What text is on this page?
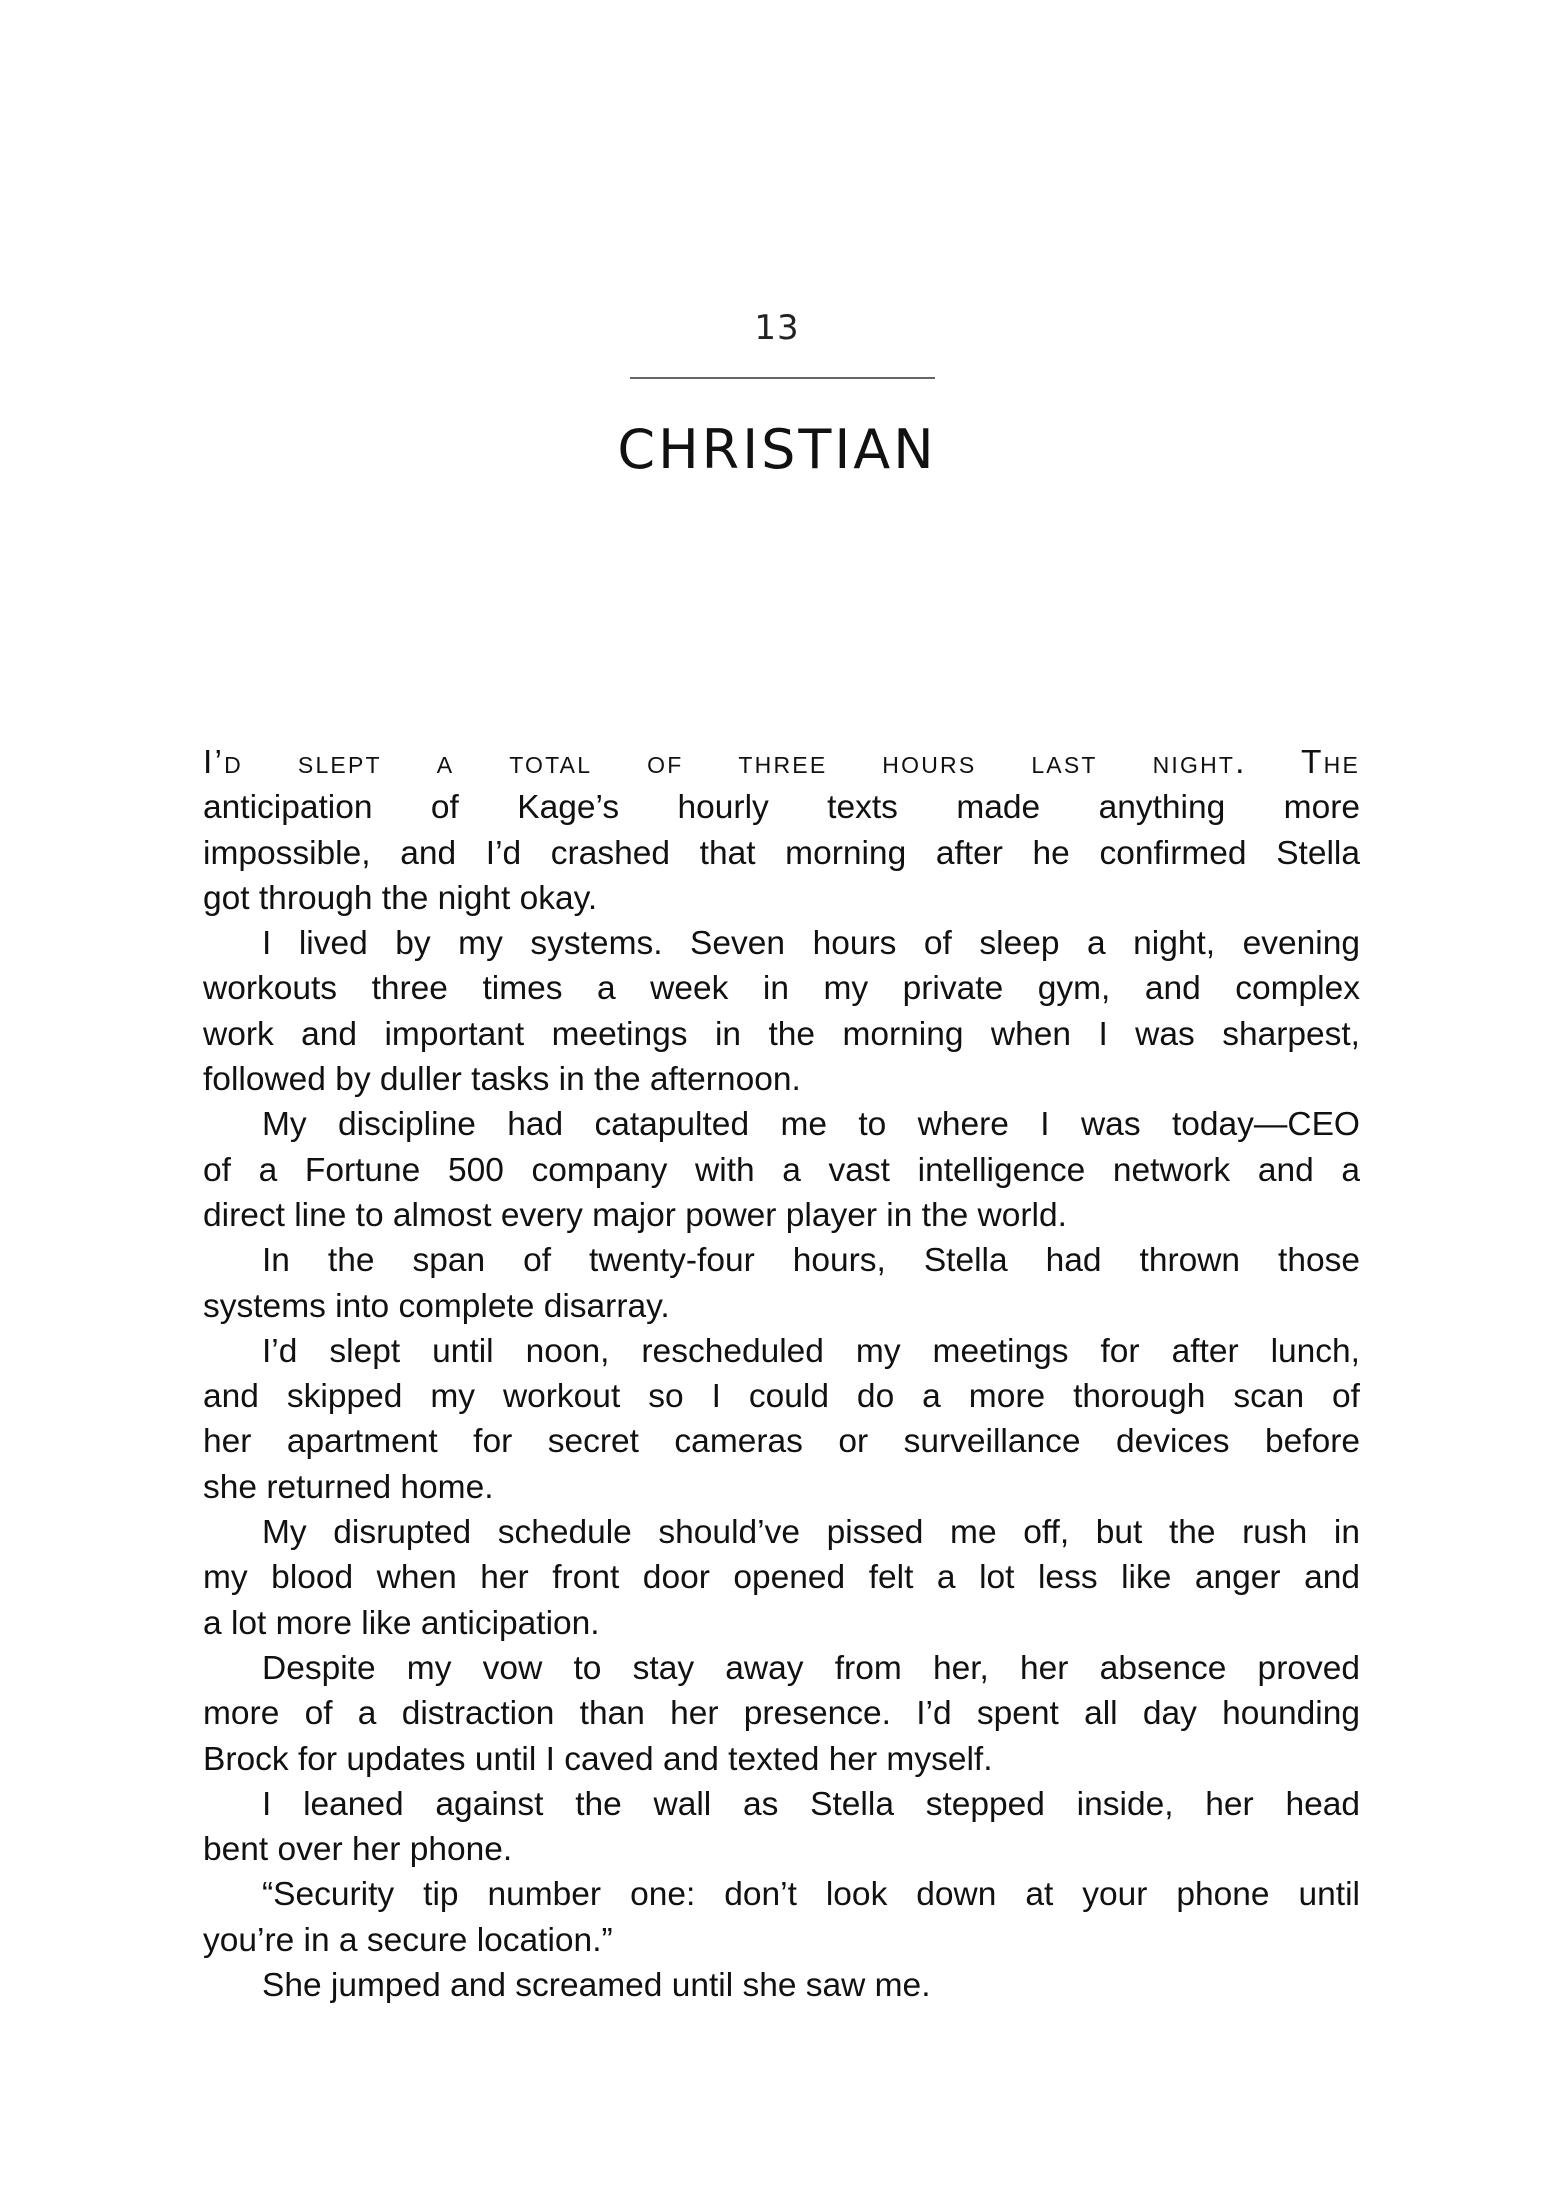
13
CHRISTIAN
I’d slept a total of three hours last night. The
anticipation of Kage’s hourly texts made anything more
impossible, and I’d crashed that morning after he confirmed Stella
got through the night okay.
I lived by my systems. Seven hours of sleep a night, evening
workouts three times a week in my private gym, and complex
work and important meetings in the morning when I was sharpest,
followed by duller tasks in the afternoon.
My discipline had catapulted me to where I was today—CEO
of a Fortune 500 company with a vast intelligence network and a
direct line to almost every major power player in the world.
In the span of twenty-four hours, Stella had thrown those
systems into complete disarray.
I’d slept until noon, rescheduled my meetings for after lunch,
and skipped my workout so I could do a more thorough scan of
her apartment for secret cameras or surveillance devices before
she returned home.
My disrupted schedule should’ve pissed me off, but the rush in
my blood when her front door opened felt a lot less like anger and
a lot more like anticipation.
Despite my vow to stay away from her, her absence proved
more of a distraction than her presence. I’d spent all day hounding
Brock for updates until I caved and texted her myself.
I leaned against the wall as Stella stepped inside, her head
bent over her phone.
“Security tip number one: don’t look down at your phone until
you’re in a secure location.”
She jumped and screamed until she saw me.
